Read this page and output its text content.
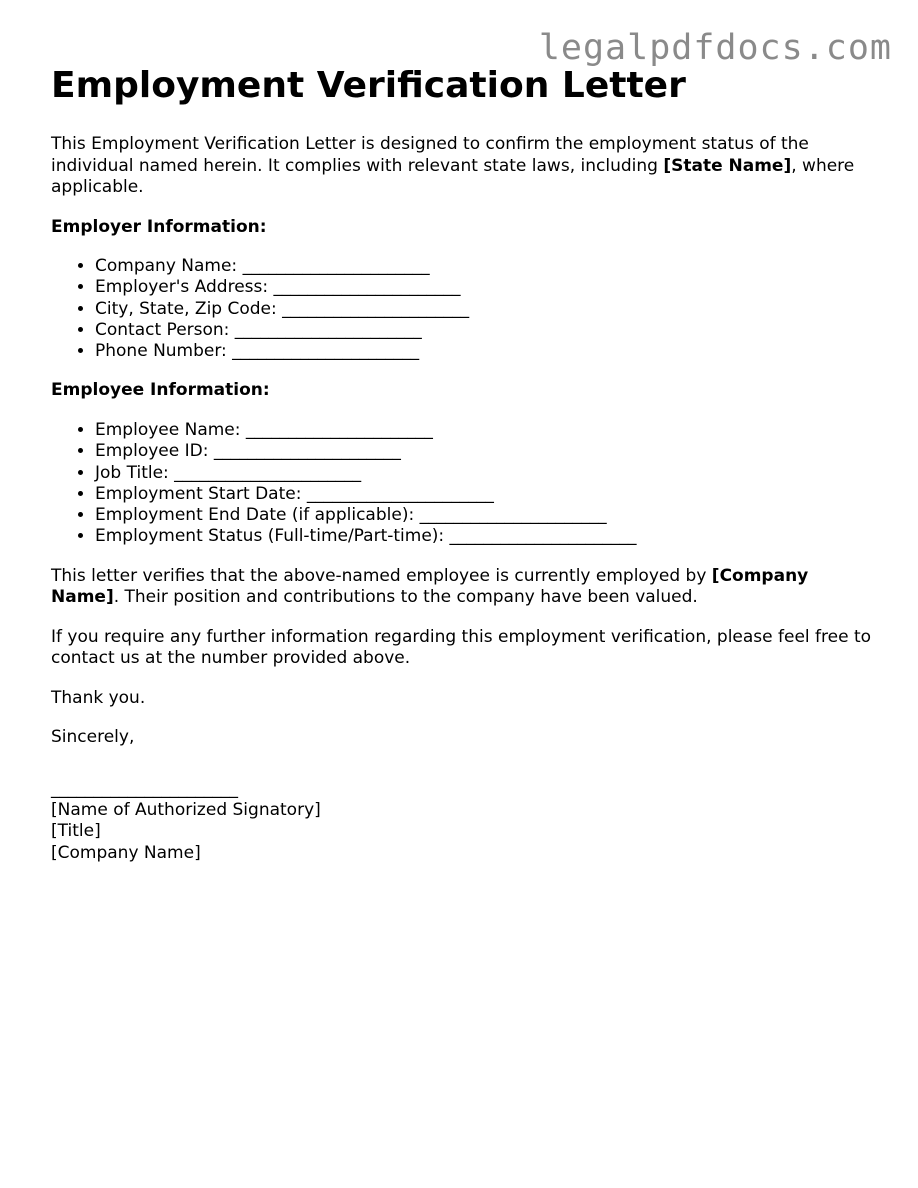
legalpdfdocs.com
Employment Verification Letter

This Employment Verification Letter is designed to confirm the employment status of the individual named herein. It complies with relevant state laws, including [State Name], where applicable.

Employer Information:
• Company Name: ______________________
• Employer's Address: ______________________
• City, State, Zip Code: ______________________
• Contact Person: ______________________
• Phone Number: ______________________
Employee Information:
• Employee Name: ______________________
• Employee ID: ______________________
• Job Title: ______________________
• Employment Start Date: ______________________
• Employment End Date (if applicable): ______________________
• Employment Status (Full-time/Part-time): ______________________

This letter verifies that the above-named employee is currently employed by [Company Name]. Their position and contributions to the company have been valued.

If you require any further information regarding this employment verification, please feel free to contact us at the number provided above.

Thank you.

Sincerely,

______________________
[Name of Authorized Signatory]
[Title]
[Company Name]
